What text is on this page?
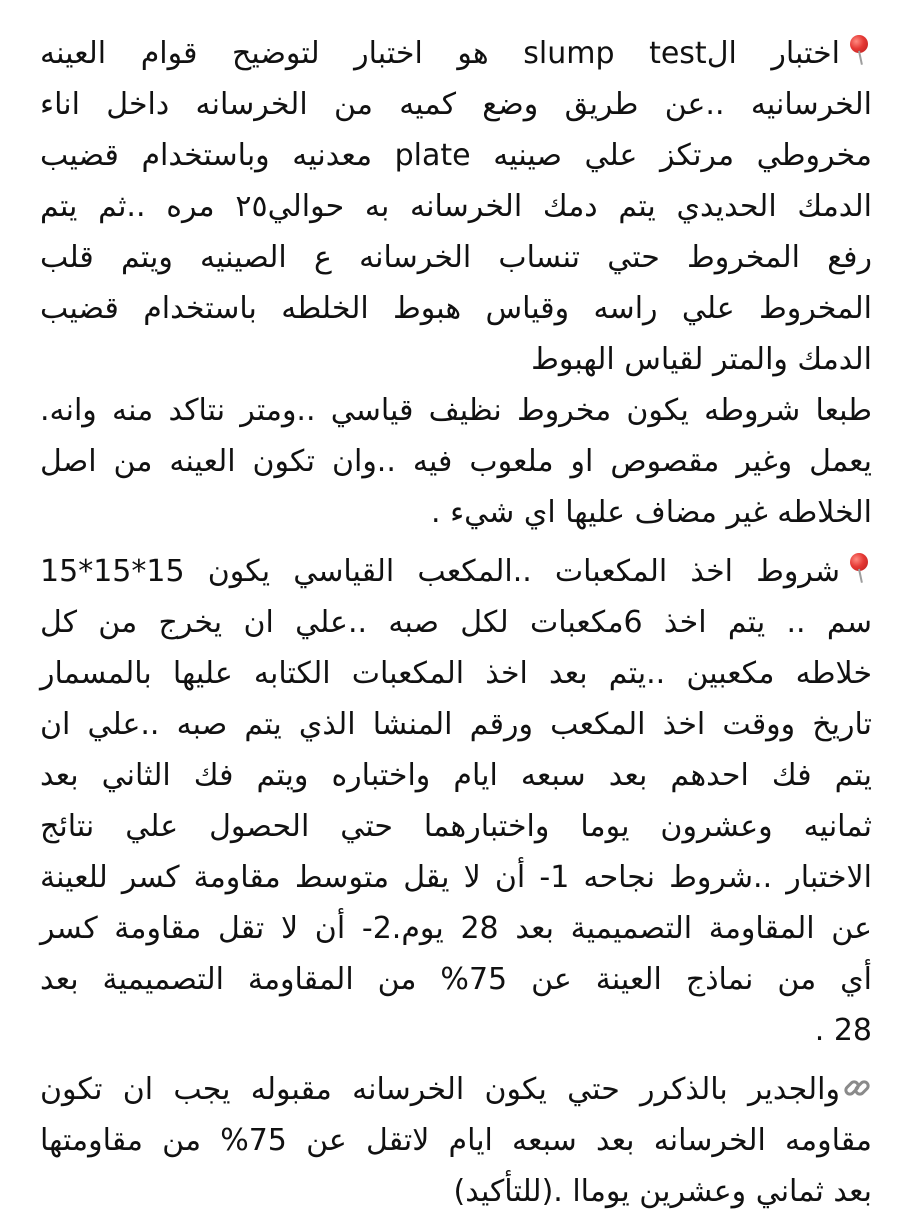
اختبار الslump test هو اختبار لتوضيح قوام العينه
الخرسانيه ..عن طريق وضع كميه من الخرسانه داخل اناء
مخروطي مرتكز علي صينيه plate معدنيه وباستخدام قضيب
الدمك الحديدي يتم دمك الخرسانه به حوالي٢٥ مره ..ثم يتم
رفع المخروط حتي تنساب الخرسانه ع الصينيه ويتم قلب
المخروط علي راسه وقياس هبوط الخلطه باستخدام قضيب
الدمك والمتر لقياس الهبوط
طبعا شروطه يكون مخروط نظيف قياسي ..ومتر نتاكد منه وانه.
يعمل وغير مقصوص او ملعوب فيه ..وان تكون العينه من اصل
الخلاطه غير مضاف عليها اي شيء .

شروط اخذ المكعبات ..المكعب القياسي يكون 15*15*15
سم .. يتم اخذ 6مكعبات لكل صبه ..علي ان يخرج من كل
خلاطه مكعبين ..يتم بعد اخذ المكعبات الكتابه عليها بالمسمار
تاريخ ووقت اخذ المكعب ورقم المنشا الذي يتم صبه ..علي ان
يتم فك احدهم بعد سبعه ايام واختباره ويتم فك الثاني بعد
ثمانيه وعشرون يوما واختبارهما حتي الحصول علي نتائج
الاختبار ..شروط نجاحه 1- أن لا يقل متوسط مقاومة كسر للعينة
عن المقاومة التصميمية بعد 28 يوم.2- أن لا تقل مقاومة كسر
أي من نماذج العينة عن 75% من المقاومة التصميمية بعد
28 .

والجدير بالذكرر حتي يكون الخرسانه مقبوله يجب ان تكون
مقاومه الخرسانه بعد سبعه ايام لاتقل عن 75% من مقاومتها
بعد ثماني وعشرين يوماا .(للتأكيد)
